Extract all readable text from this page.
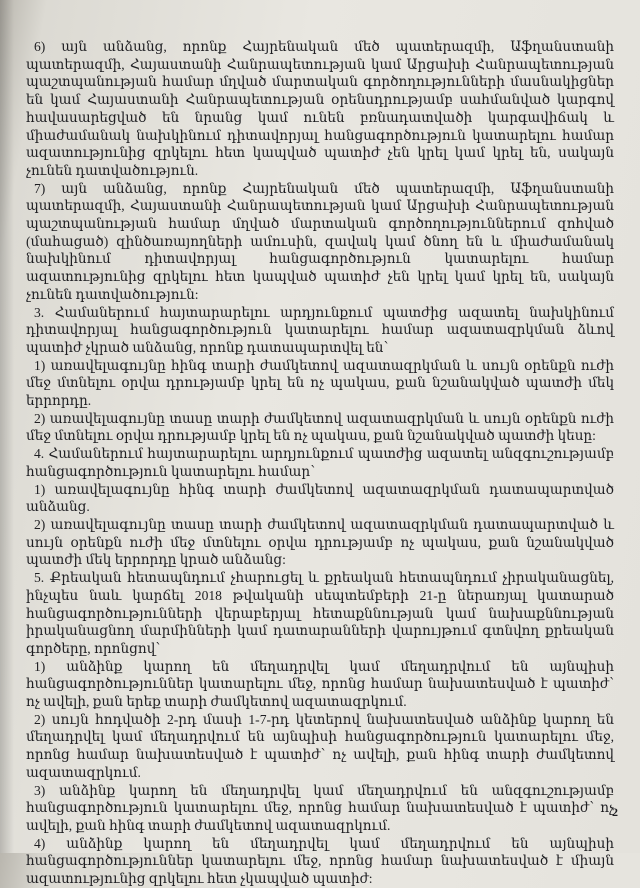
6) այն անձանց, որոնք Հայրենական մեծ պատերազմի, Աֆղանստանի պատերազմի, Հայաստանի Հանրապետության կամ Արցախի Հանրապետության պաշտպանության համար մղված մարտական գործողությունների մասնակիցներ են կամ Հայաստանի Հանրապետության օրենսդրությամբ սահմանված կարգով հավասարեցված են նրանց կամ ունեն բռնադատվածի կարգավիճակ և միաժամանակ նախկինում դիտավորյալ հանցագործություն կատարելու համար ազատությունից զրկելու հետ կապված պատիժ չեն կրել կամ կրել են, սակայն չունեն դատվածություն.

7) այն անձանց, որոնք Հայրենական մեծ պատերազմի, Աֆղանստանի պատերազմի, Հայաստանի Հանրապետության կամ Արցախի Հանրապետության պաշտպանության համար մղված մարտական գործողություններում զոհված (մահացած) զինծառայողների ամուսին, զավակ կամ ծնող են և միաժամանակ նախկինում դիտավորյալ հանցագործություն կատարելու համար ազատությունից զրկելու հետ կապված պատիժ չեն կրել կամ կրել են, սակայն չունեն դատվածություն:

3. Համաներում հայտարարելու արդյունքում պատժից ազատել նախկինում դիտավորյալ հանցագործություն կատարելու համար ազատազրկման ձևով պատիժ չկրած անձանց, որոնք դատապարտվել են՝

1) առավելագույնը հինգ տարի ժամկետով ազատազրկման և սույն օրենքն ուժի մեջ մտնելու օրվա դրությամբ կրել են ոչ պակաս, քան նշանակված պատժի մեկ երրորդը.

2) առավելագույնը տասը տարի ժամկետով ազատազրկման և սույն օրենքն ուժի մեջ մտնելու օրվա դրությամբ կրել են ոչ պակաս, քան նշանակված պատժի կեսը:

4. Համաներում հայտարարելու արդյունքում պատժից ազատել անզգուշությամբ հանցագործություն կատարելու համար՝

1) առավելագույնը հինգ տարի ժամկետով ազատազրկման դատապարտված անձանց.

2) առավելագույնը տասը տարի ժամկետով ազատազրկման դատապարտված և սույն օրենքն ուժի մեջ մտնելու օրվա դրությամբ ոչ պակաս, քան նշանակված պատժի մեկ երրորդը կրած անձանց:

5. Քրեական հետապնդում չհարուցել և քրեական հետապնդում չիրականացնել, ինչպես նաև կարճել 2018 թվականի սեպտեմբերի 21-ը ներառյալ կատարած հանցագործությունների վերաբերյալ հետաքննության կամ նախաքննության իրականացնող մարմինների կամ դատարանների վարույթում գտնվող քրեական գործերը, որոնցով՝

1) անձինք կարող են մեղադրվել կամ մեղադրվում են այնպիսի հանցագործություններ կատարելու մեջ, որոնց համար նախատեսված է պատիժ՝ ոչ ավելի, քան երեք տարի ժամկետով ազատազրկում.

2) սույն հոդվածի 2-րդ մասի 1-7-րդ կետերով նախատեսված անձինք կարող են մեղադրվել կամ մեղադրվում են այնպիսի հանցագործություն կատարելու մեջ, որոնց համար նախատեսված է պատիժ՝ ոչ ավելի, քան հինգ տարի ժամկետով ազատազրկում.

3) անձինք կարող են մեղադրվել կամ մեղադրվում են անզգուշությամբ հանցագործություն կատարելու մեջ, որոնց համար նախատեսված է պատիժ՝ ոչ ավելի, քան հինգ տարի ժամկետով ազատազրկում.

4) անձինք կարող են մեղադրվել կամ մեղադրվում են այնպիսի հանցագործություններ կատարելու մեջ, որոնց համար նախատեսված է միայն ազատությունից զրկելու հետ չկապված պատիժ:

2
